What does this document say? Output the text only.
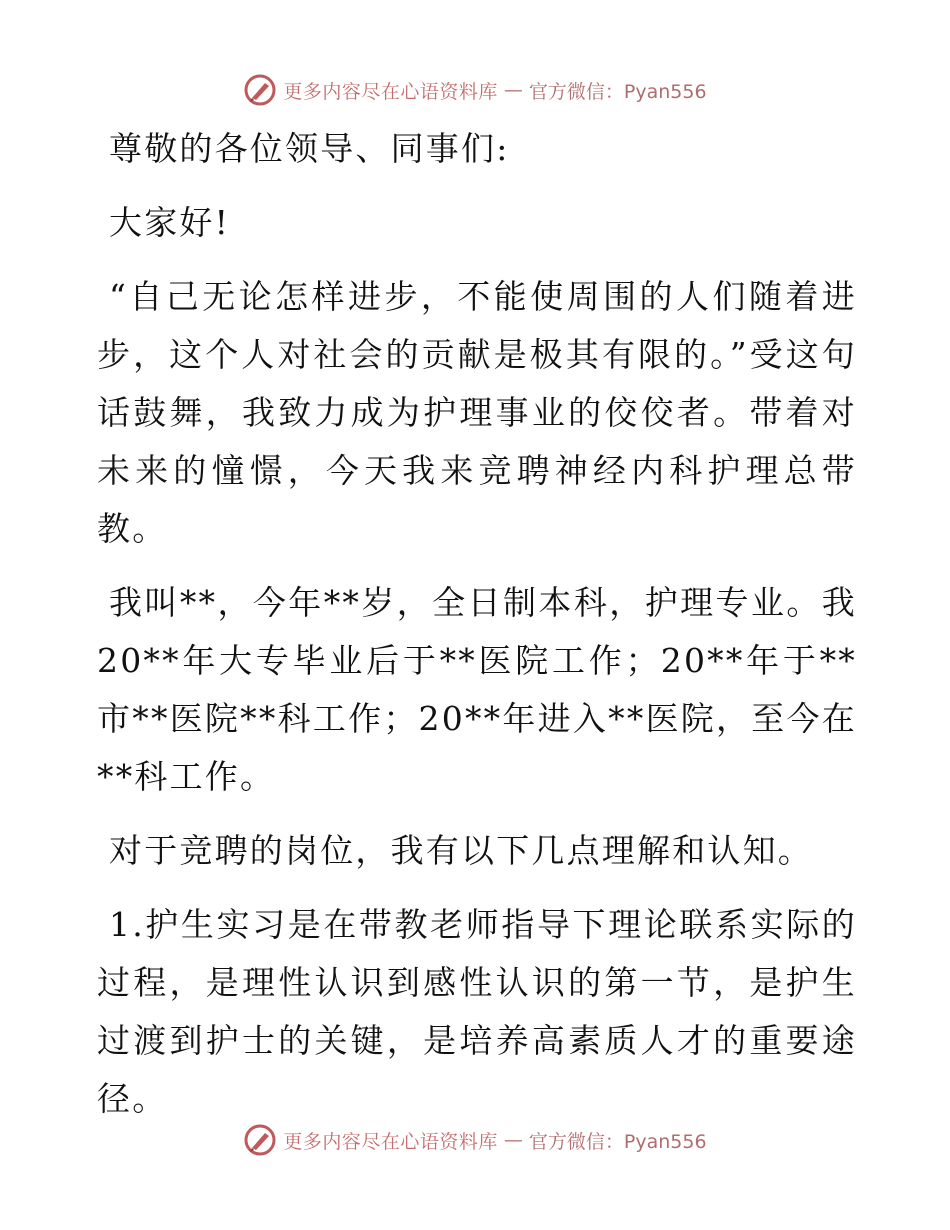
更多内容尽在心语资料库 — 官方微信：Pyan556

尊敬的各位领导、同事们:

大家好!

“自己无论怎样进步，不能使周围的人们随着进步，这个人对社会的贡献是极其有限的。”受这句话鼓舞，我致力成为护理事业的佼佼者。带着对未来的憧憬，今天我来竞聘神经内科护理总带教。

我叫**，今年**岁，全日制本科，护理专业。我20**年大专毕业后于**医院工作；20**年于**市**医院**科工作；20**年进入**医院，至今在**科工作。

对于竞聘的岗位，我有以下几点理解和认知。

1.护生实习是在带教老师指导下理论联系实际的过程，是理性认识到感性认识的第一节，是护生过渡到护士的关键，是培养高素质人才的重要途径。

更多内容尽在心语资料库 — 官方微信：Pyan556
